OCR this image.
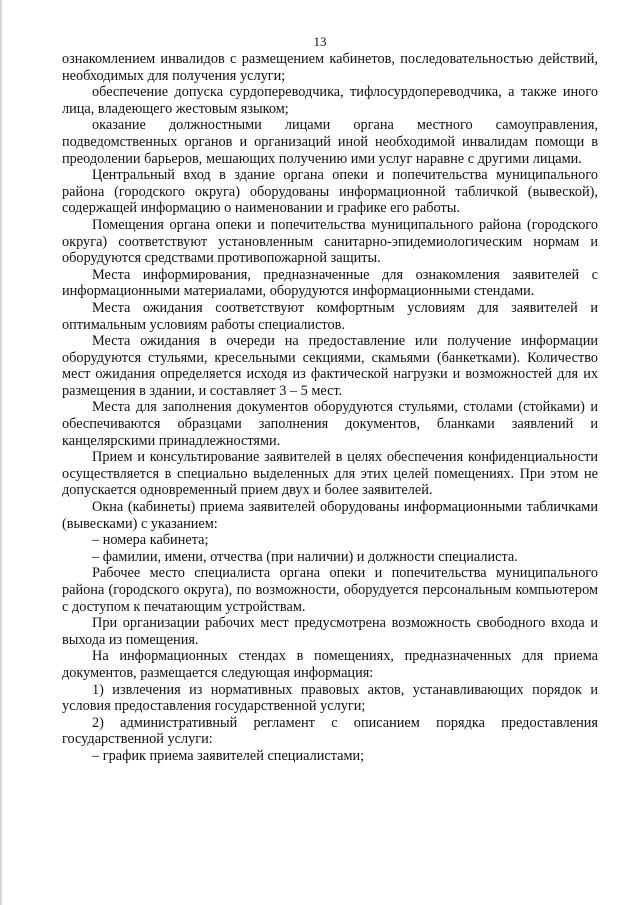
13

ознакомлением инвалидов с размещением кабинетов, последовательностью действий, необходимых для получения услуги;

обеспечение допуска сурдопереводчика, тифлосурдопереводчика, а также иного лица, владеющего жестовым языком;

оказание должностными лицами органа местного самоуправления, подведомственных органов и организаций иной необходимой инвалидам помощи в преодолении барьеров, мешающих получению ими услуг наравне с другими лицами.

Центральный вход в здание органа опеки и попечительства муниципального района (городского округа) оборудованы информационной табличкой (вывеской), содержащей информацию о наименовании и графике его работы.

Помещения органа опеки и попечительства муниципального района (городского округа) соответствуют установленным санитарно-эпидемиологическим нормам и оборудуются средствами противопожарной защиты.

Места информирования, предназначенные для ознакомления заявителей с информационными материалами, оборудуются информационными стендами.

Места ожидания соответствуют комфортным условиям для заявителей и оптимальным условиям работы специалистов.

Места ожидания в очереди на предоставление или получение информации оборудуются стульями, кресельными секциями, скамьями (банкетками). Количество мест ожидания определяется исходя из фактической нагрузки и возможностей для их размещения в здании, и составляет 3 – 5 мест.

Места для заполнения документов оборудуются стульями, столами (стойками) и обеспечиваются образцами заполнения документов, бланками заявлений и канцелярскими принадлежностями.

Прием и консультирование заявителей в целях обеспечения конфиденциальности осуществляется в специально выделенных для этих целей помещениях. При этом не допускается одновременный прием двух и более заявителей.

Окна (кабинеты) приема заявителей оборудованы информационными табличками (вывесками) с указанием:

– номера кабинета;

– фамилии, имени, отчества (при наличии) и должности специалиста.

Рабочее место специалиста органа опеки и попечительства муниципального района (городского округа), по возможности, оборудуется персональным компьютером с доступом к печатающим устройствам.

При организации рабочих мест предусмотрена возможность свободного входа и выхода из помещения.

На информационных стендах в помещениях, предназначенных для приема документов, размещается следующая информация:

1) извлечения из нормативных правовых актов, устанавливающих порядок и условия предоставления государственной услуги;

2) административный регламент с описанием порядка предоставления государственной услуги:

– график приема заявителей специалистами;
